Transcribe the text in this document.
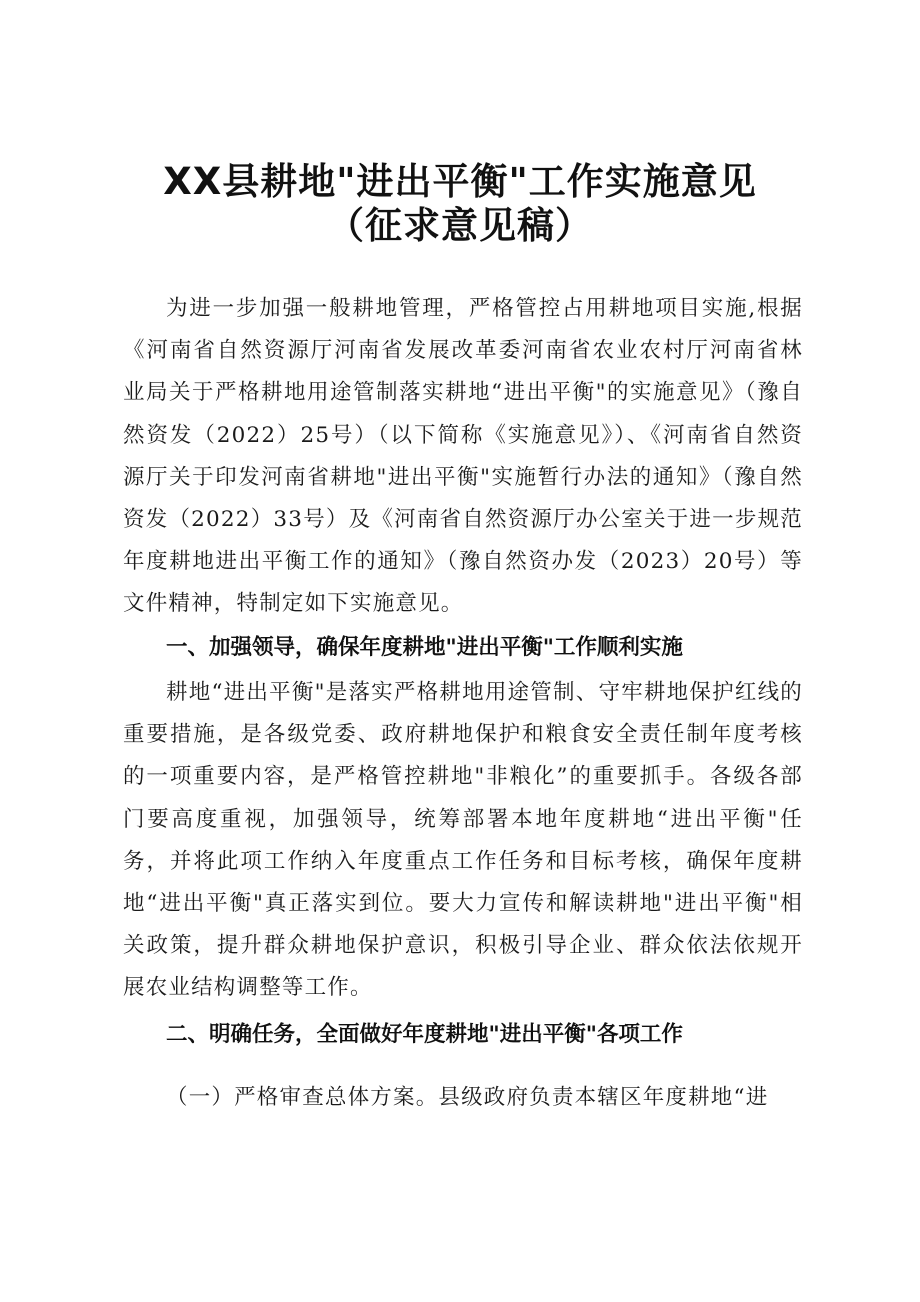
XX县耕地"进出平衡"工作实施意见
（征求意见稿）

为进一步加强一般耕地管理，严格管控占用耕地项目实施,根据《河南省自然资源厅河南省发展改革委河南省农业农村厅河南省林业局关于严格耕地用途管制落实耕地“进出平衡"的实施意见》（豫自然资发（2022）25号）（以下简称《实施意见》）、《河南省自然资源厅关于印发河南省耕地"进出平衡"实施暂行办法的通知》（豫自然资发（2022）33号）及《河南省自然资源厅办公室关于进一步规范年度耕地进出平衡工作的通知》（豫自然资办发（2023）20号）等文件精神，特制定如下实施意见。

一、加强领导，确保年度耕地"进出平衡"工作顺利实施

耕地“进出平衡"是落实严格耕地用途管制、守牢耕地保护红线的重要措施，是各级党委、政府耕地保护和粮食安全责任制年度考核的一项重要内容，是严格管控耕地"非粮化”的重要抓手。各级各部门要高度重视，加强领导，统筹部署本地年度耕地“进出平衡"任务，并将此项工作纳入年度重点工作任务和目标考核，确保年度耕地“进出平衡"真正落实到位。要大力宣传和解读耕地"进出平衡"相关政策，提升群众耕地保护意识，积极引导企业、群众依法依规开展农业结构调整等工作。

二、明确任务，全面做好年度耕地"进出平衡"各项工作

（一）严格审查总体方案。县级政府负责本辖区年度耕地“进
